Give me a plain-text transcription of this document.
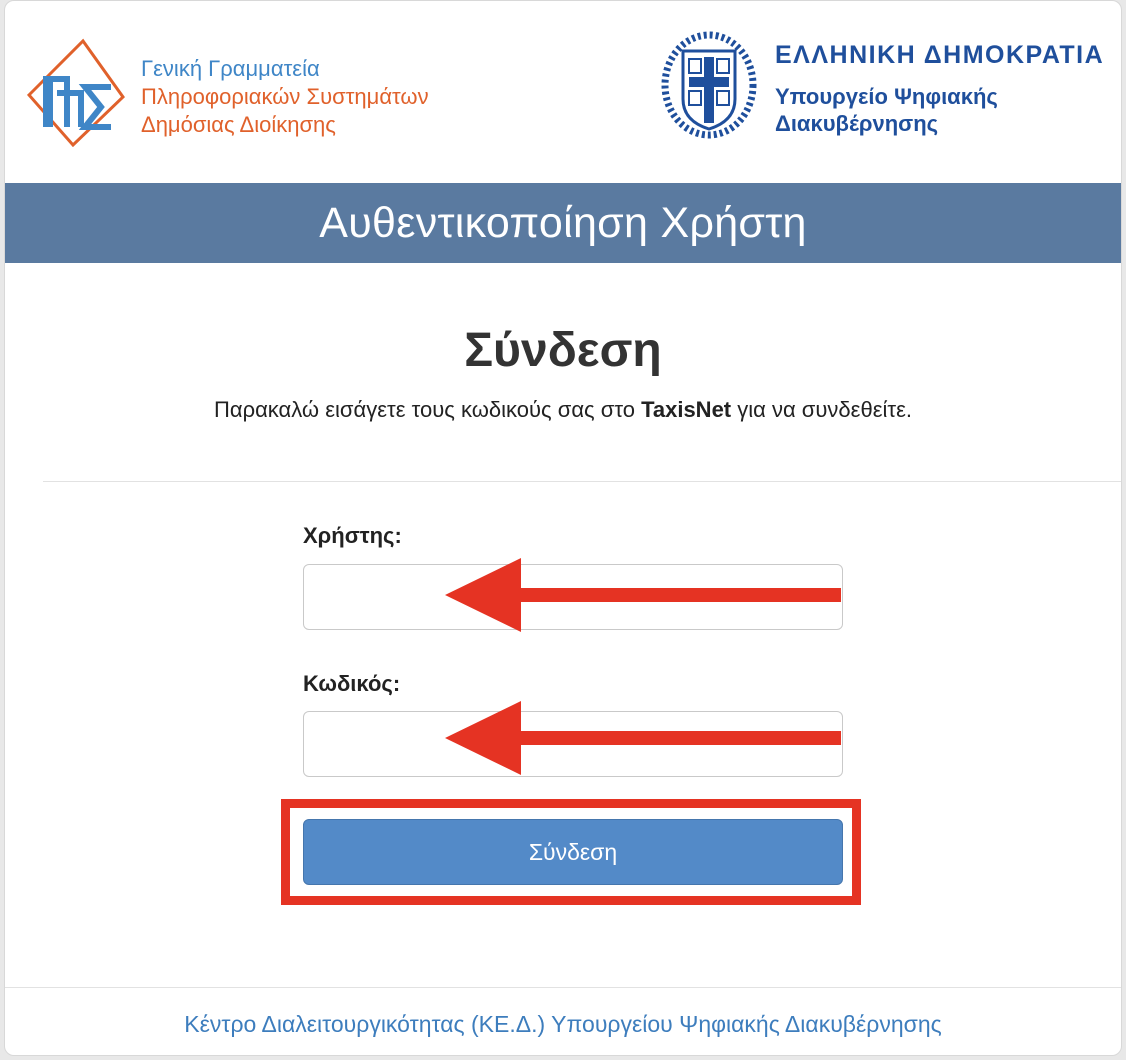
Γενική Γραμματεία
Πληροφοριακών Συστημάτων
Δημόσιας Διοίκησης
ΕΛΛΗΝΙΚΗ ΔΗΜΟΚΡΑΤΙΑ
Υπουργείο Ψηφιακής
Διακυβέρνησης
Αυθεντικοποίηση Χρήστη
Σύνδεση
Παρακαλώ εισάγετε τους κωδικούς σας στο TaxisNet για να συνδεθείτε.
Χρήστης:
Κωδικός:
Σύνδεση
Κέντρο Διαλειτουργικότητας (ΚΕ.Δ.) Υπουργείου Ψηφιακής Διακυβέρνησης
